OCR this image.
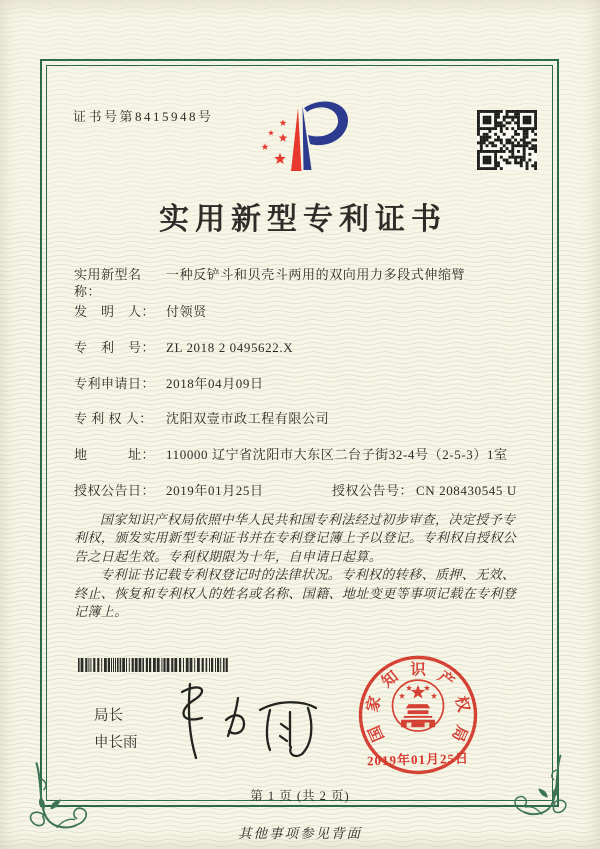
证书号第8415948号
实用新型专利证书
实用新型名称：
一种反铲斗和贝壳斗两用的双向用力多段式伸缩臂
发　明　人： 付领贤
专　利　号： ZL 2018 2 0495622.X
专利申请日： 2018年04月09日
专 利 权 人：	沈阳双壹市政工程有限公司
地　　　址： 110000 辽宁省沈阳市大东区二台子街32-4号（2-5-3）1室
授权公告日： 2019年01月25日	授权公告号： CN 208430545 U

国家知识产权局依照中华人民共和国专利法经过初步审查，决定授予专利权，颁发实用新型专利证书并在专利登记簿上予以登记。专利权自授权公告之日起生效。专利权期限为十年，自申请日起算。

专利证书记载专利权登记时的法律状况。专利权的转移、质押、无效、终止、恢复和专利权人的姓名或名称、国籍、地址变更等事项记载在专利登记簿上。

局长
申长雨	国
家
知 识 产
权
局
2019年01月25日
第 1 页 (共 2 页)
其他事项参见背面
